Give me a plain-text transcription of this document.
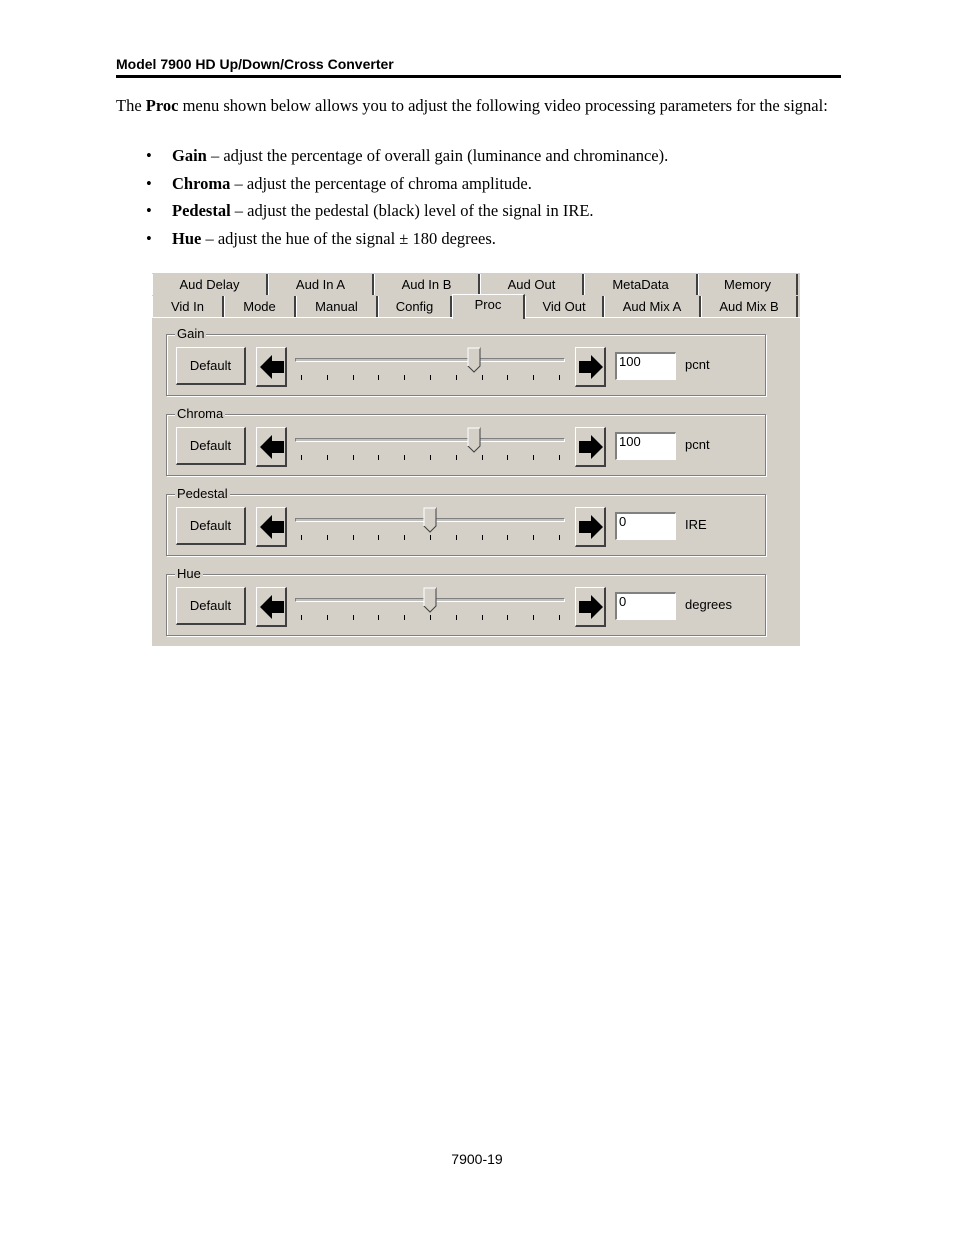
Model 7900 HD Up/Down/Cross Converter
The Proc menu shown below allows you to adjust the following video processing parameters for the signal:
• Gain – adjust the percentage of overall gain (luminance and chrominance).
• Chroma – adjust the percentage of chroma amplitude.
• Pedestal – adjust the pedestal (black) level of the signal in IRE.
• Hue – adjust the hue of the signal ± 180 degrees.
Aud Delay	Aud In A	Aud In B	Aud Out	MetaData	Memory
Vid In	Mode	Manual	Config	Proc	Vid Out	Aud Mix A	Aud Mix B
Gain
Default	100	pcnt
Chroma
Default	100	pcnt
Pedestal
Default	0	IRE
Hue
Default	0	degrees
7900-19
